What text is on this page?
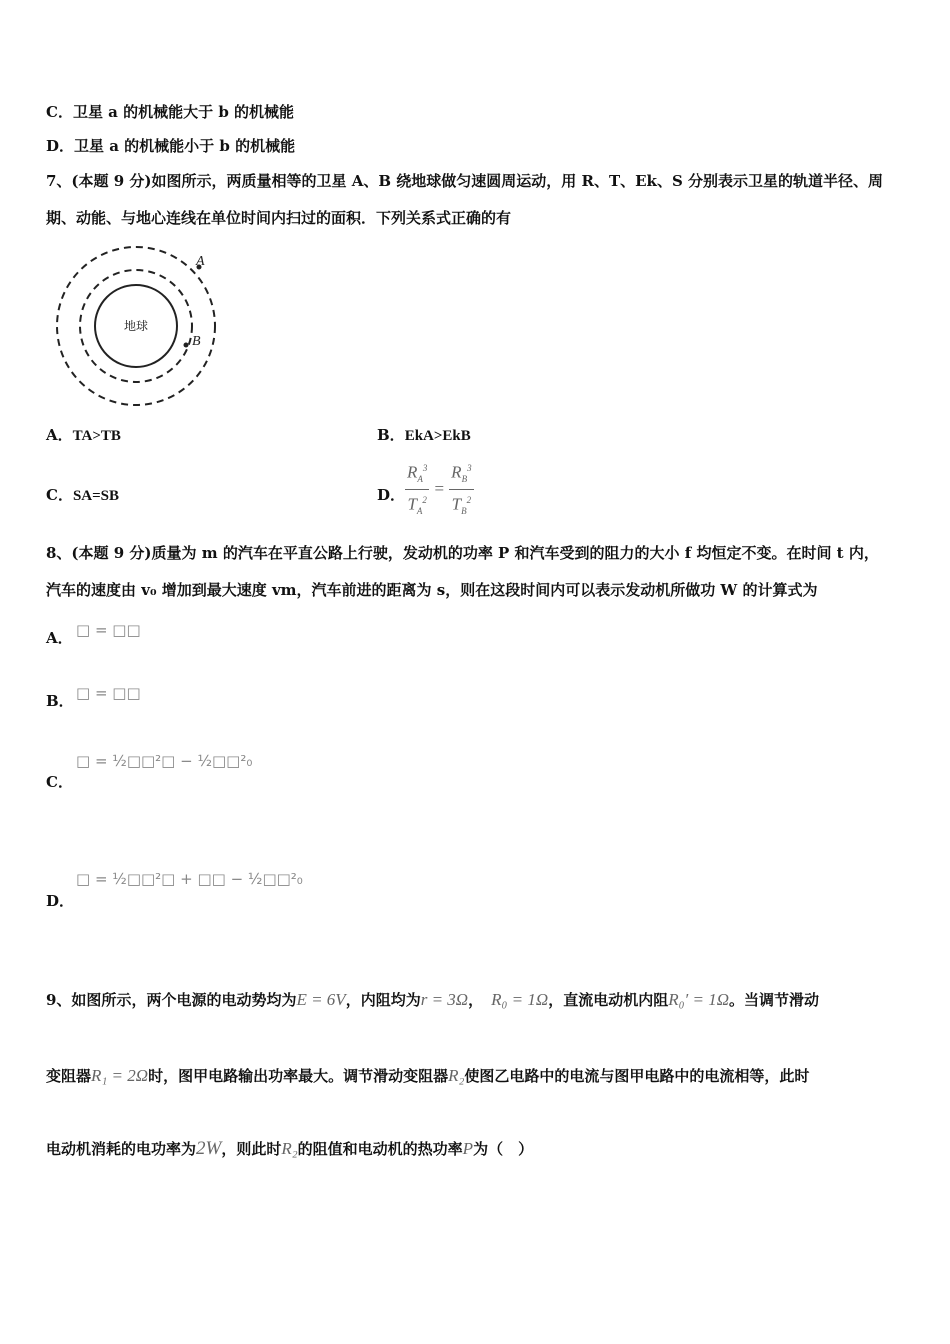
C．卫星 a 的机械能大于 b 的机械能
D．卫星 a 的机械能小于 b 的机械能
7、(本题 9 分)如图所示，两质量相等的卫星 A、B 绕地球做匀速圆周运动，用 R、T、Ek、S 分别表示卫星的轨道半径、周
期、动能、与地心连线在单位时间内扫过的面积．下列关系式正确的有
地球
A
B
A．TA>TB	B．EkA>EkB
C．SA=SB	D． $\frac{R_A^3}{T_A^2} = \frac{R_B^3}{T_B^2}$
8、(本题 9 分)质量为 m 的汽车在平直公路上行驶，发动机的功率 P 和汽车受到的阻力的大小 f 均恒定不变。在时间 t 内，
汽车的速度由 v₀ 增加到最大速度 vm，汽车前进的距离为 s，则在这段时间内可以表示发动机所做功 W 的计算式为
A． □ = □□
B． □ = □□
□ = ½□□²□ − ½□□²₀
C．
□ = ½□□²□ + □□ − ½□□²₀
D．
9、如图所示，两个电源的电动势均为E = 6V，内阻均为r = 3Ω， R₀ = 1Ω，直流电动机内阻R₀′ = 1Ω。当调节滑动
变阻器R₁ = 2Ω时，图甲电路输出功率最大。调节滑动变阻器R₂使图乙电路中的电流与图甲电路中的电流相等，此时
电动机消耗的电功率为2W，则此时R₂的阻值和电动机的热功率P为（　）
